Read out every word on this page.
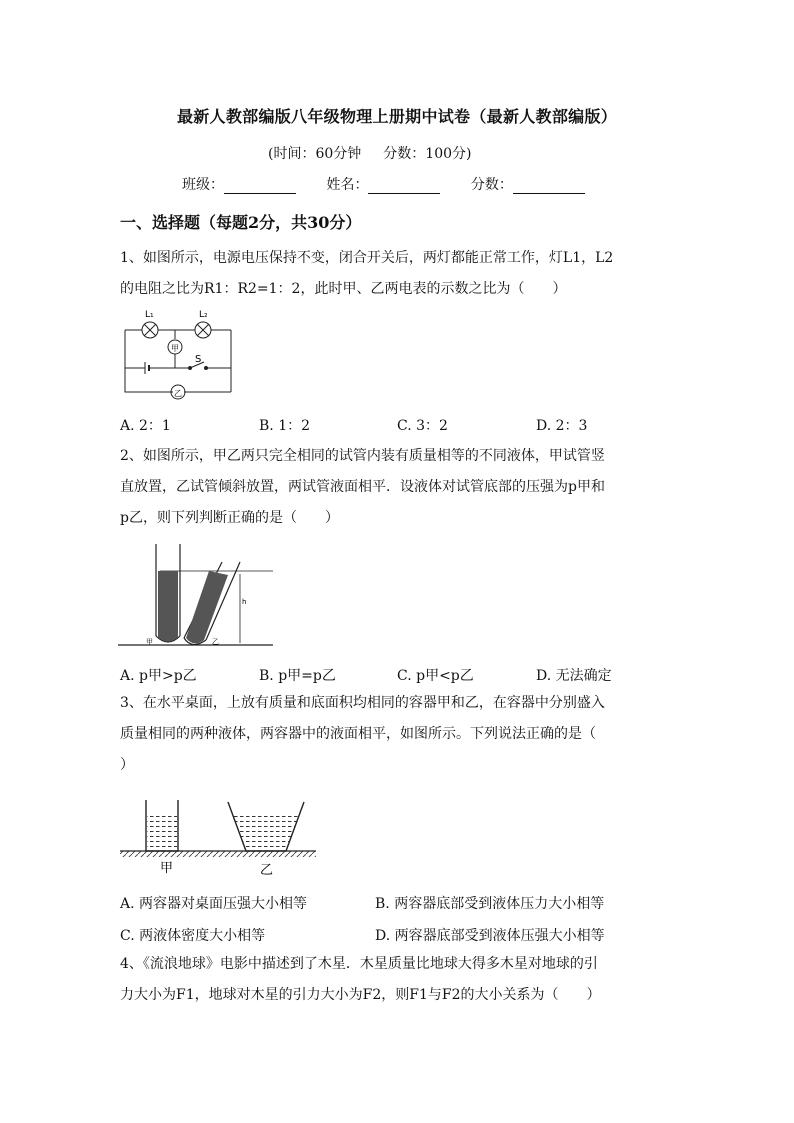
最新人教部编版八年级物理上册期中试卷（最新人教部编版）
(时间：60分钟 分数：100分)
班级：	姓名：	分数：
一、选择题（每题2分，共30分）
1、如图所示，电源电压保持不变，闭合开关后，两灯都能正常工作，灯L1，L2
的电阻之比为R1：R2=1：2，此时甲、乙两电表的示数之比为（　　）
L₁	L₂
S
甲
乙
A. 2：1	B. 1：2	C. 3：2	D. 2：3
2、如图所示，甲乙两只完全相同的试管内装有质量相等的不同液体，甲试管竖
直放置，乙试管倾斜放置，两试管液面相平．设液体对试管底部的压强为p甲和
p乙，则下列判断正确的是（　　）
h
甲	乙
A. p甲>p乙	B. p甲=p乙	C. p甲<p乙	D. 无法确定
3、在水平桌面，上放有质量和底面积均相同的容器甲和乙，在容器中分别盛入
质量相同的两种液体，两容器中的液面相平，如图所示。下列说法正确的是（
）
甲	乙
A. 两容器对桌面压强大小相等	B. 两容器底部受到液体压力大小相等
C. 两液体密度大小相等	D. 两容器底部受到液体压强大小相等
4、《流浪地球》电影中描述到了木星．木星质量比地球大得多木星对地球的引
力大小为F1，地球对木星的引力大小为F2，则F1与F2的大小关系为（　　）
